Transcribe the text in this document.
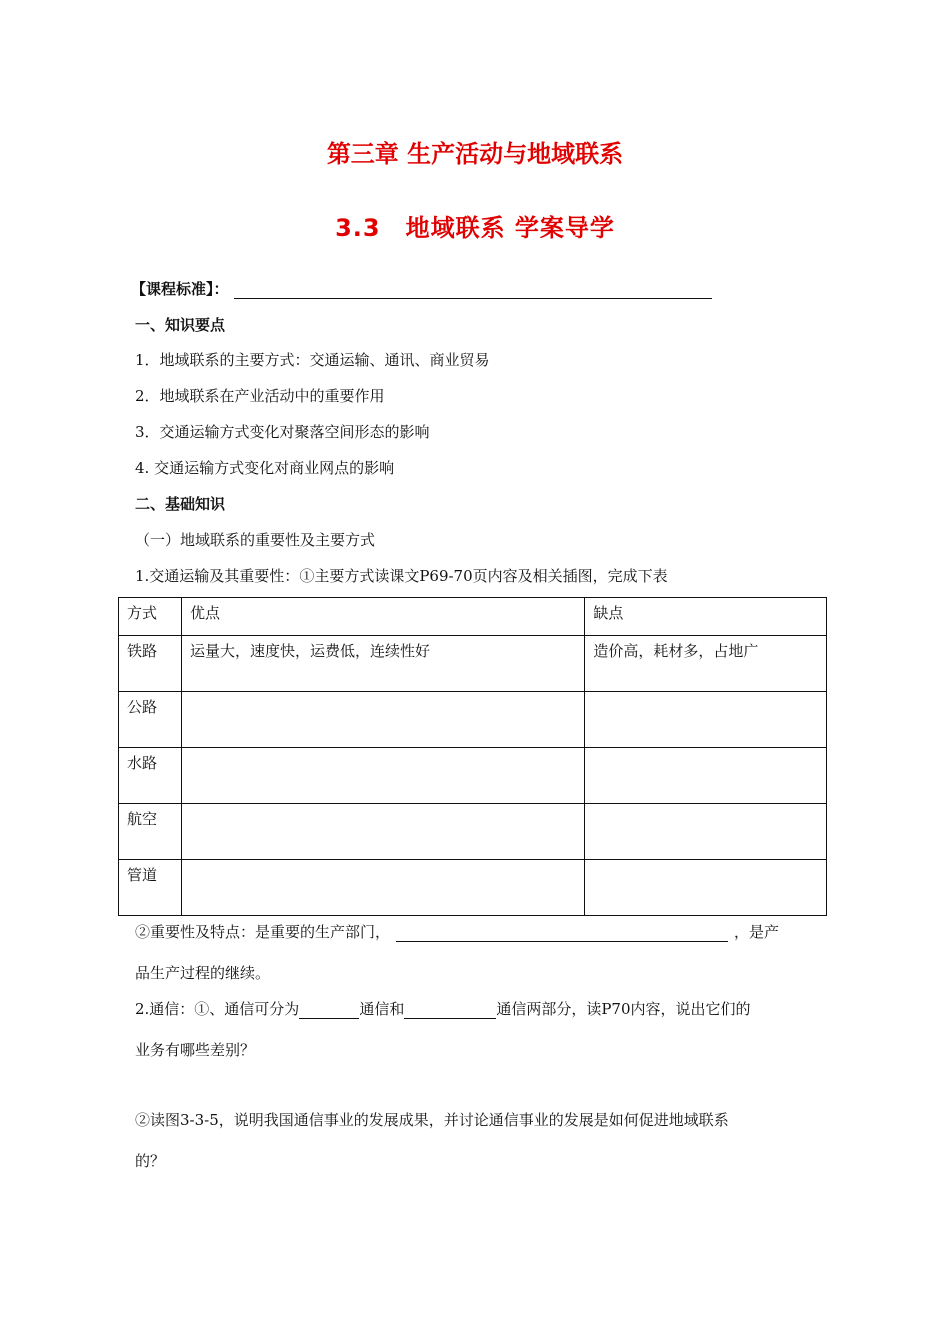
第三章 生产活动与地域联系
3.3　地域联系 学案导学
【课程标准】：
一、知识要点
1．地域联系的主要方式：交通运输、通讯、商业贸易
2．地域联系在产业活动中的重要作用
3．交通运输方式变化对聚落空间形态的影响
4. 交通运输方式变化对商业网点的影响
二、基础知识
（一）地域联系的重要性及主要方式
1.交通运输及其重要性：①主要方式读课文P69-70页内容及相关插图，完成下表
方式	优点	缺点
铁路	运量大，速度快，运费低，连续性好	造价高，耗材多，占地广
公路		
水路		
航空		
管道		
②重要性及特点：是重要的生产部门，	，是产
品生产过程的继续。
2.通信：①、通信可分为	通信和	通信两部分，读P70内容，说出它们的
业务有哪些差别？
②读图3-3-5，说明我国通信事业的发展成果，并讨论通信事业的发展是如何促进地域联系
的？
